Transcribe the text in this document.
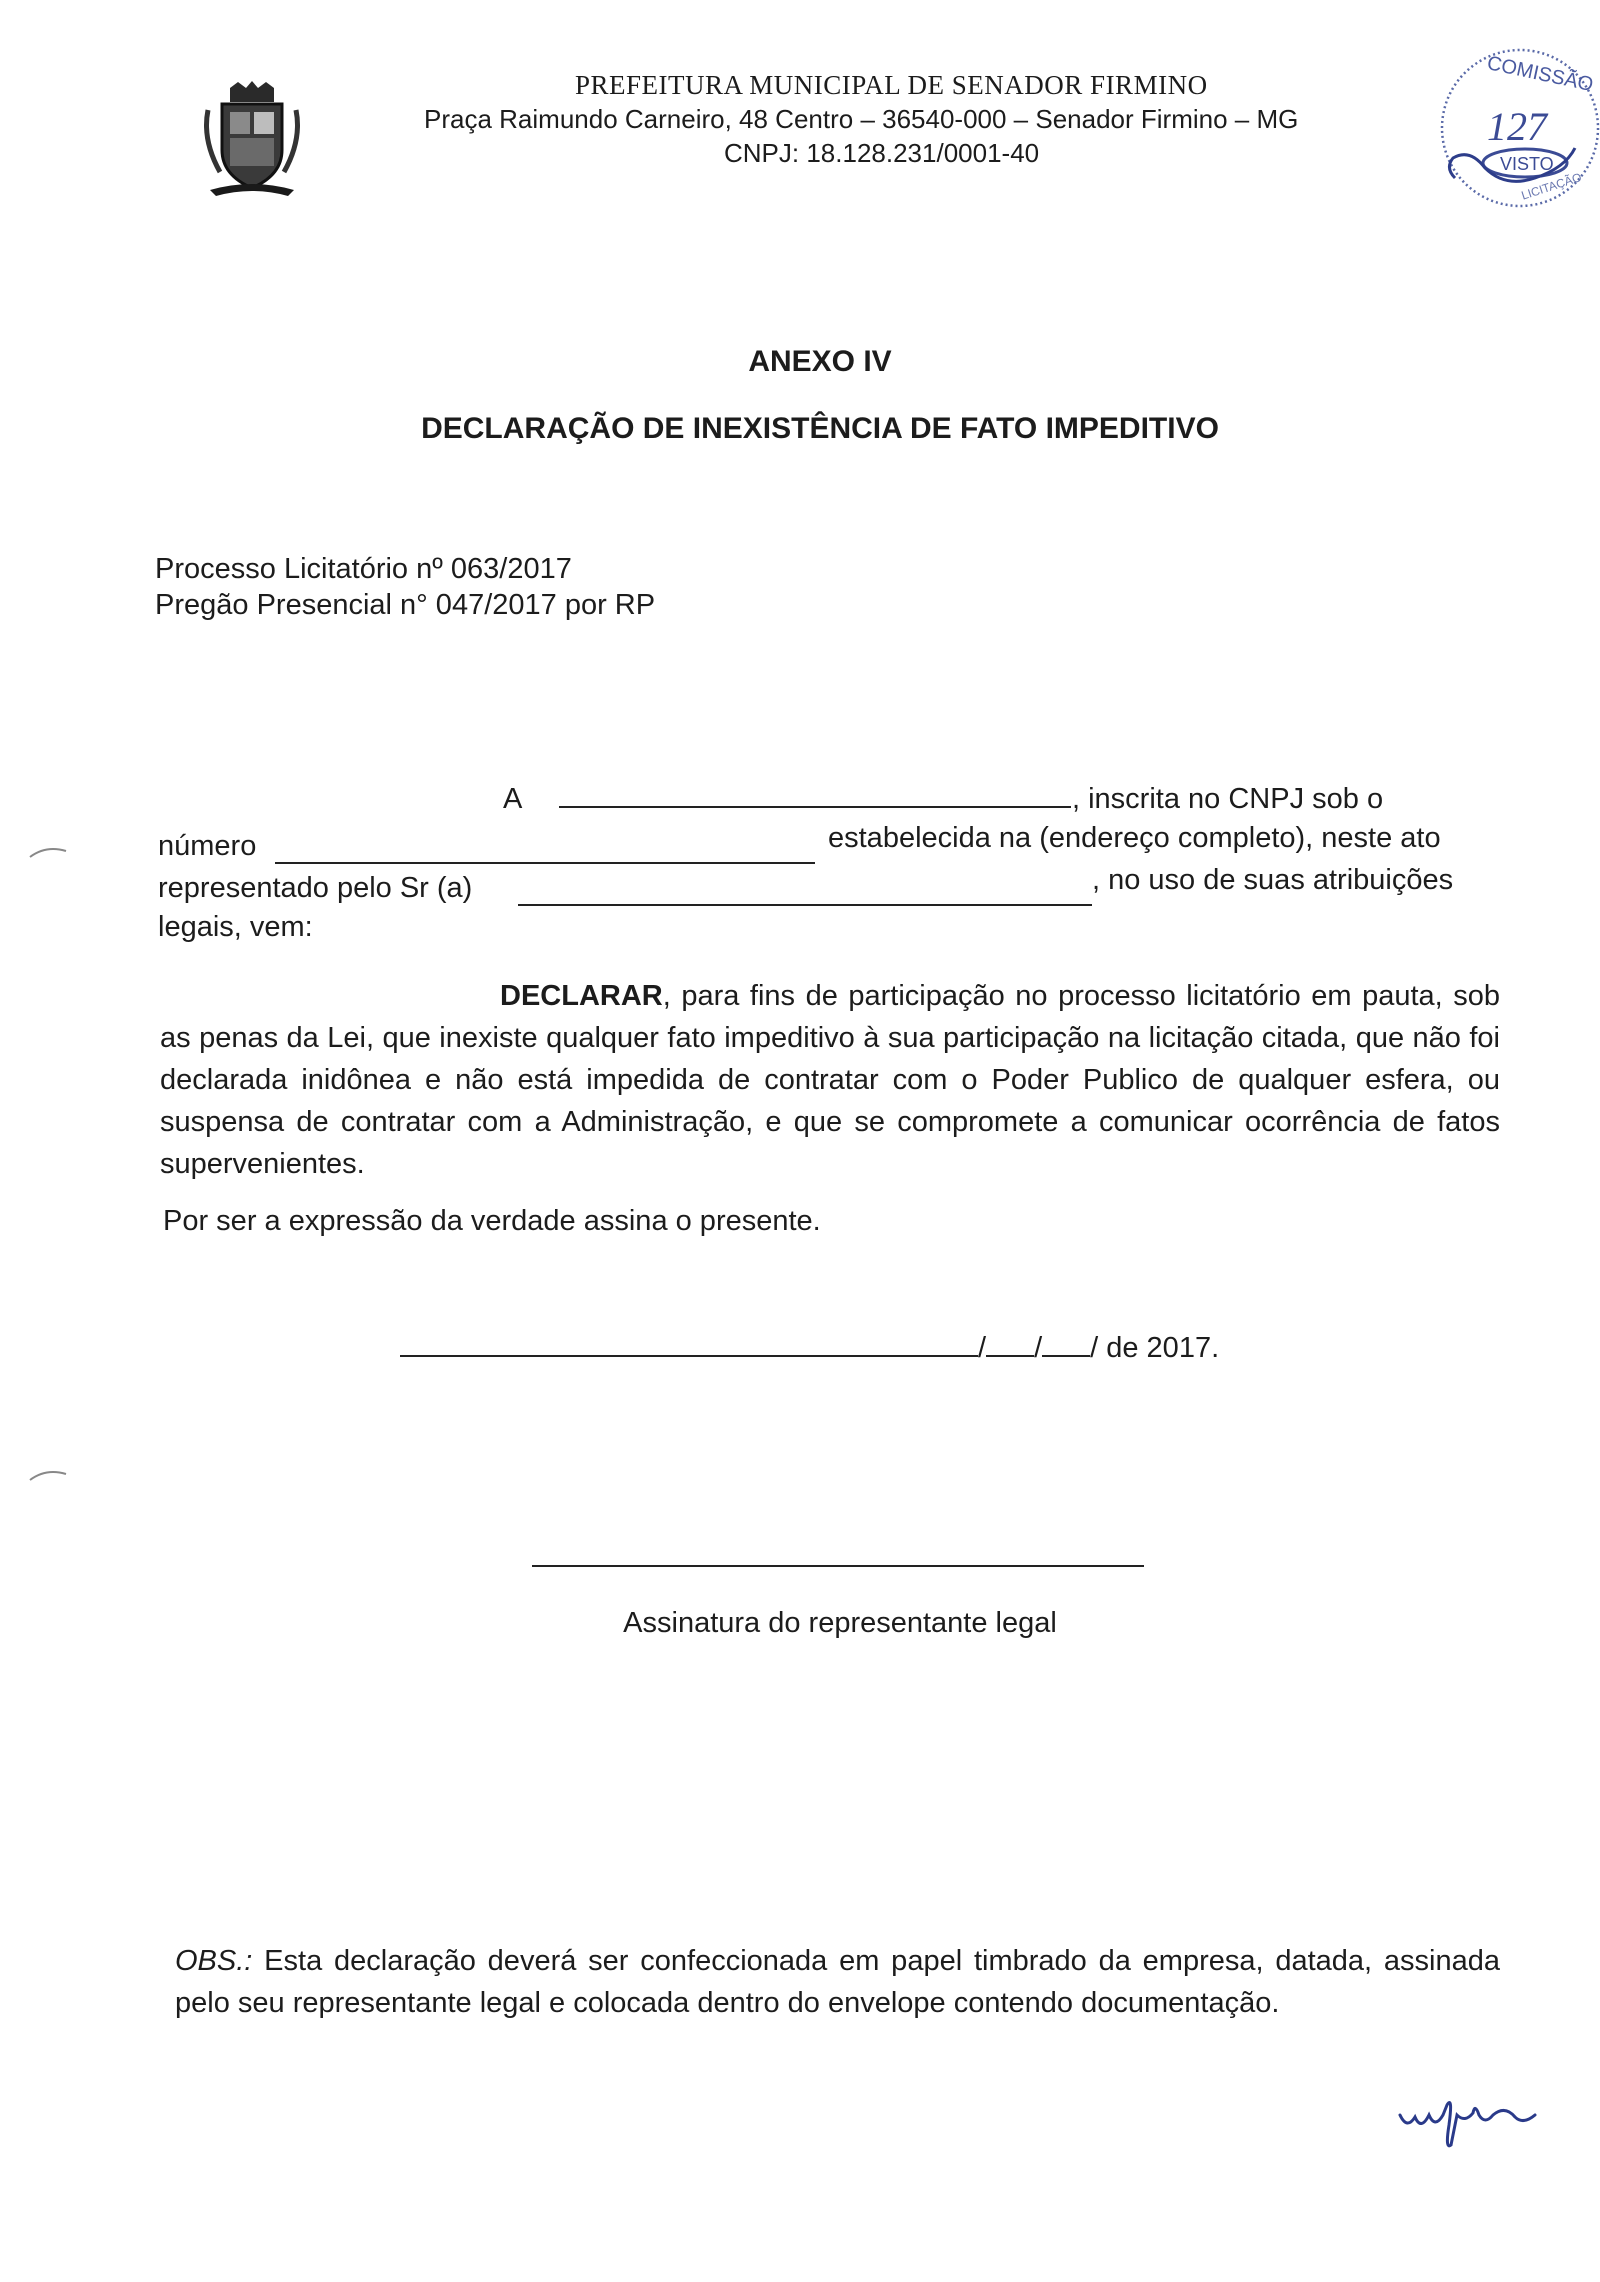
PREFEITURA MUNICIPAL DE SENADOR FIRMINO
Praça Raimundo Carneiro, 48 Centro – 36540-000 – Senador Firmino – MG
CNPJ: 18.128.231/0001-40
COMISSÃO
127
VISTO
LICITAÇÃO
ANEXO IV
DECLARAÇÃO DE INEXISTÊNCIA DE FATO IMPEDITIVO
Processo Licitatório nº 063/2017
Pregão Presencial n° 047/2017 por RP
A	, inscrita no CNPJ sob o
número	estabelecida na (endereço completo), neste ato
representado pelo Sr (a)	, no uso de suas atribuições
legais, vem:
DECLARAR, para fins de participação no processo licitatório em pauta, sob as penas da Lei, que inexiste qualquer fato impeditivo à sua participação na licitação citada, que não foi declarada inidônea e não está impedida de contratar com o Poder Publico de qualquer esfera, ou suspensa de contratar com a Administração, e que se compromete a comunicar ocorrência de fatos supervenientes.
Por ser a expressão da verdade assina o presente.
/ / / de 2017.
Assinatura do representante legal
OBS.: Esta declaração deverá ser confeccionada em papel timbrado da empresa, datada, assinada pelo seu representante legal e colocada dentro do envelope contendo documentação.
